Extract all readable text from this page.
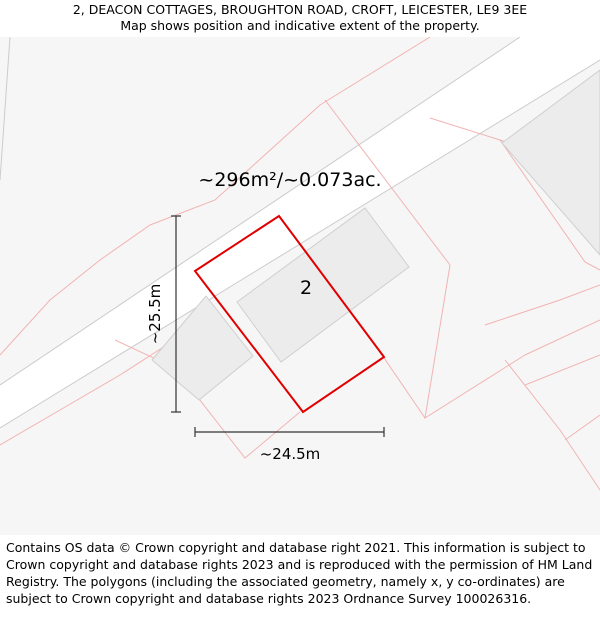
2, DEACON COTTAGES, BROUGHTON ROAD, CROFT, LEICESTER, LE9 3EE
Map shows position and indicative extent of the property.
~296m²/~0.073ac.
2
~25.5m
~24.5m
Contains OS data © Crown copyright and database right 2021. This information is subject to Crown copyright and database rights 2023 and is reproduced with the permission of HM Land Registry. The polygons (including the associated geometry, namely x, y co-ordinates) are subject to Crown copyright and database rights 2023 Ordnance Survey 100026316.
